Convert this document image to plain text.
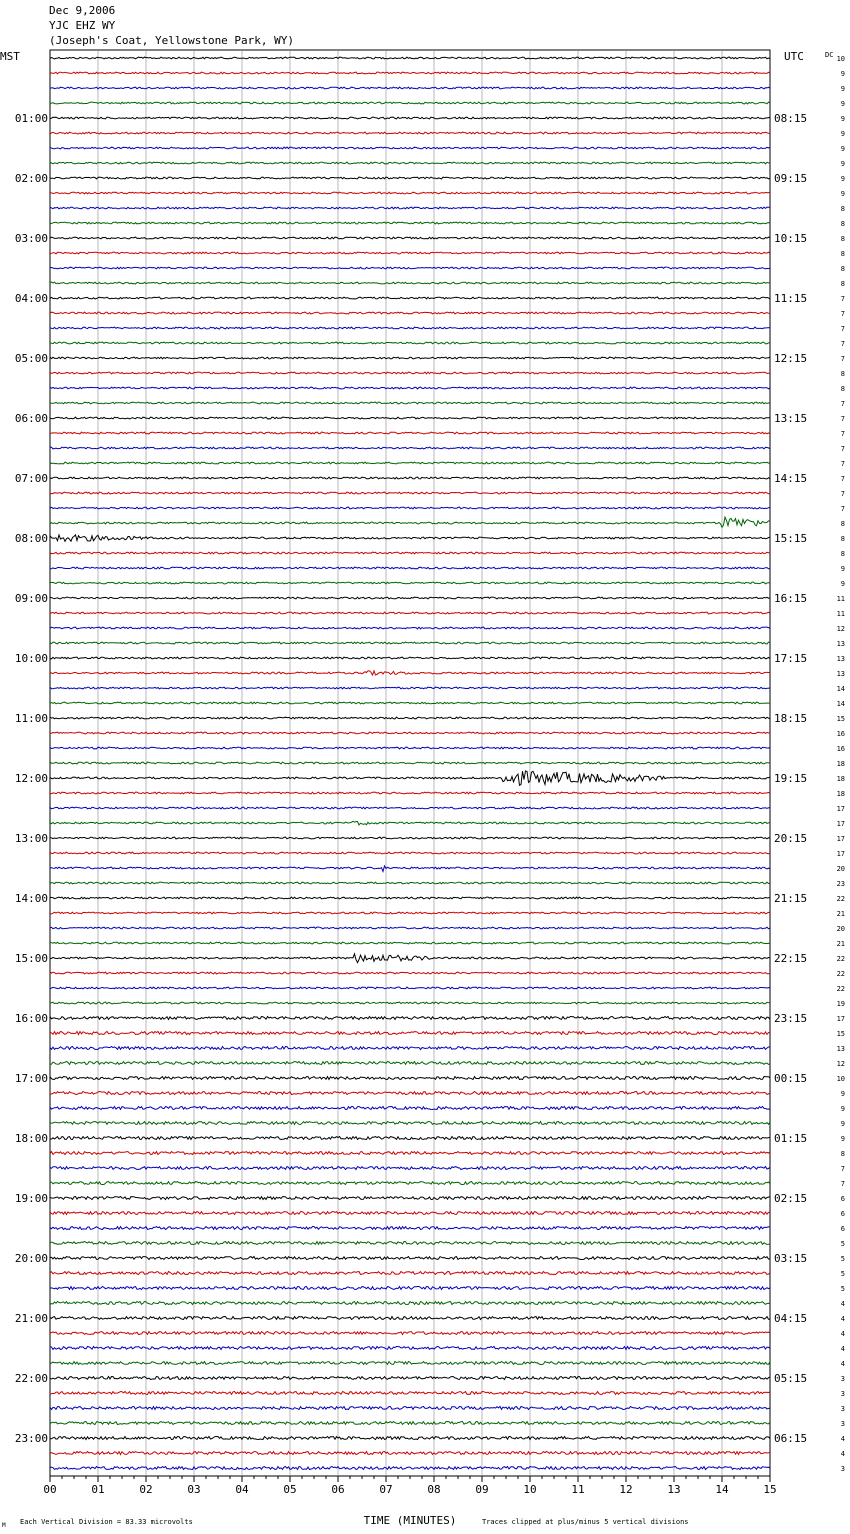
Dec 9,2006
YJC EHZ WY
(Joseph's Coat, Yellowstone Park, WY)
MST	UTC	DC
01:00
02:00
03:00
04:00
05:00
06:00
07:00
08:00
09:00
10:00
11:00
12:00
13:00
14:00
15:00
16:00
17:00
18:00
19:00
20:00
21:00
22:00
23:00
08:15
09:15
10:15
11:15
12:15
13:15
14:15
15:15
16:15
17:15
18:15
19:15
20:15
21:15
22:15
23:15
00:15
01:15
02:15
03:15
04:15
05:15
06:15
10
9
9
9
9
9
9
9
9
9
8
8
8
8
8
8
7
7
7
7
7
8
8
7
7
7
7
7
7
7
7
8
8
8
9
9
11
11
12
13
13
13
14
14
15
16
16
18
18
18
17
17
17
17
20
23
22
21
20
21
22
22
22
19
17
15
13
12
10
9
9
9
9
8
7
7
6
6
6
5
5
5
5
4
4
4
4
4
3
3
3
3
4
4
3
00	01	02	03	04	05	06	07	08	09	10	11	12	13	14	15
TIME (MINUTES)
Each Vertical Division = 83.33 microvolts	Traces clipped at plus/minus 5 vertical divisions
M
